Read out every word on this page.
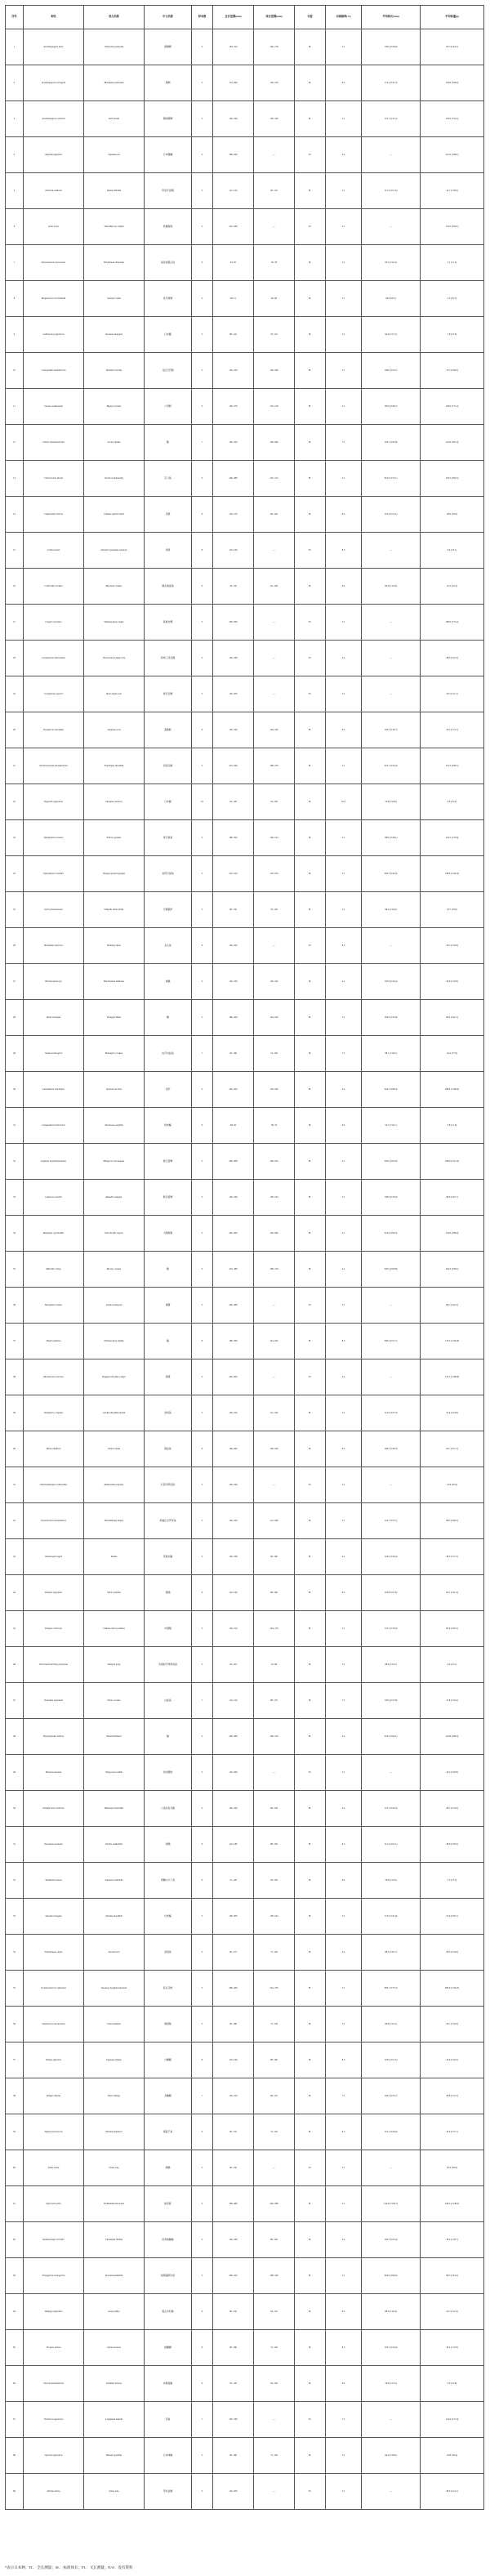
序号	种名	英文名称	中文名称	样本数	全长范围(mm)	体长范围(mm)	丰度	出现频率(%)	平均体长(mm)	平均体重(g)
1	Acanthopagrus latus	Yellowfin seabream	黄鳍鲷	2	183–222	140–178	SL	3.1	159.0 (±26.9)	95.3 (±44.2)
2	Acanthopagrus schlegelii	Blackhead seabream	黑鲷	5	174–266	138–210	SL	6.3	172.4 (±31.5)	139.8 (±68.2)
3	Acanthopagrus australis	Surf bream	澳洲棘鲷	3	160–240	128–190	FL	3.1	155.7 (±31.2)	118.6 (±52.4)
4	Anguilla japonica	Japanese eel	日本鳗鲡	4	380–640	—	TL	4.2	—	212.0 (±88.1)
5	Ariomma indicum	Indian driftfish	印度无齿鲳	3	112–164	90–132	FL	3.1	112.3 (±21.0)	41.7 (±18.6)
6	Arius arius	Threadfin sea catfish	丝鳍海鲶	2	210–286	—	TL	2.1	—	154.5 (±60.1)
7	Atherinomorus lacunosus	Hardyhead silverside	南洋美银汉鱼	6	62–95	50–78	SL	5.2	63.2 (±10.4)	3.1 (±1.2)
8	Bregmaceros mcclellandi	Spotted codlet	麦氏犀鳕	4	48–71	40–60	SL	3.1	49.8 (±8.7)	1.2 (±0.5)
9	Callionymus japonicus	Japanese dragonet	日本䲗	5	88–142	70–116	SL	5.2	92.6 (±17.3)	7.8 (±3.9)
10	Carangoides malabaricus	Malabar trevally	马拉巴若鲹	3	150–230	120–186	FL	3.1	148.0 (±33.1)	72.3 (±38.0)
11	Caranx sexfasciatus	Bigeye trevally	六带鲹	2	190–270	152–218	FL	2.1	185.0 (±46.7)	128.0 (±71.2)
12	Chelon haematocheilus	So-iny mullet	鮻	7	160–320	128–260	SL	7.3	192.7 (±45.8)	142.6 (±81.4)
13	Chirocentrus dorab	Dorab wolf-herring	宝刀鱼	2	260–380	210–312	FL	2.1	261.0 (±72.1)	118.5 (±62.3)
14	Clupanodon thrissa	Chinese gizzard shad	花鰶	6	120–176	96–140	SL	6.3	118.4 (±15.2)	28.9 (±9.6)
15	Coilia mystus	Osbeck's grenadier anchovy	凤鲚	8	110–190	—	TL	8.3	—	9.4 (±4.1)
16	Collichthys lucidus	Big head croaker	棘头梅童鱼	9	78–132	62–108	SL	9.4	84.6 (±12.8)	10.2 (±4.3)
17	Conger myriaster	Whitespotted conger	星康吉鳗	3	320–560	—	TL	3.1	—	186.0 (±74.2)
18	Cynoglossus abbreviatus	Three-lined tongue sole	短吻三线舌鳎	4	160–248	—	TL	4.2	—	48.6 (±21.0)
19	Cynoglossus joyneri	Red tongue sole	焦氏舌鳎	5	120–200	—	TL	5.2	—	26.3 (±11.5)
20	Decapterus maruadsi	Japanese scad	蓝圆鲹	6	130–196	104–160	FL	6.3	128.5 (±19.7)	35.2 (±13.1)
21	Eleutheronema tetradactylum	Fourfinger threadfin	四指马鲅	3	210–340	168–276	FL	3.1	210.7 (±54.0)	152.3 (±86.7)
22	Engraulis japonicus	Japanese anchovy	日本鳀	10	64–128	52–104	SL	10.4	74.8 (±14.6)	4.6 (±2.2)
23	Epinephelus awoara	Yellow grouper	青石斑鱼	2	180–262	146–214	SL	2.1	180.0 (±48.1)	142.5 (±79.9)
24	Epinephelus coioides	Orange-spotted grouper	斜带石斑鱼	3	210–310	170–254	SL	3.1	206.3 (±42.6)	198.6 (±102.4)
25	Gerres filamentosus	Whipfin silver-biddy	长棘银鲈	5	96–150	76–120	FL	5.2	96.4 (±16.9)	18.7 (±8.0)
26	Harpadon nehereus	Bombay-duck	龙头鱼	8	140–262	—	TL	8.3	—	34.5 (±16.8)
27	Hemiramphus far	Blackbarred halfbeak	斑鱵	4	150–236	120–192	SL	4.2	150.8 (±29.4)	26.9 (±10.8)
28	Ilisha elongata	Elongate ilisha	鳓	5	180–284	144–230	FL	5.2	184.6 (±35.0)	86.2 (±41.5)
29	Johnius belangerii	Belenger's croaker	皮氏叫姑鱼	7	92–160	74–130	SL	7.3	98.1 (±18.2)	16.4 (±7.9)
30	Lateolabrax maculatus	Spotted sea bass	花鲈	4	220–420	176–340	FL	4.2	244.5 (±68.3)	268.4 (±168.2)
31	Leiognathus brevirostris	Shortnose ponyfish	短吻鲾	9	48–92	38–74	SL	9.4	52.7 (±10.1)	3.8 (±1.9)
32	Lutjanus argentimaculatus	Mangrove red snapper	紫红笛鲷	2	200–308	160–250	FL	2.1	205.0 (±63.6)	188.0 (±112.4)
33	Lutjanus russellii	Russell's snapper	勒氏笛鲷	3	160–240	128–194	FL	3.1	158.0 (±33.0)	98.6 (±45.7)
34	Megalops cyprinoides	Indo-Pacific tarpon	大眼海鲢	2	240–360	192–290	FL	2.1	241.0 (±69.3)	154.0 (±88.4)
35	Miichthys miiuy	Mi-iuy croaker	鮸	4	210–380	168–310	SL	4.2	226.5 (±60.8)	164.3 (±96.1)
36	Monopterus albus	Asian swamp eel	黄鳝	3	260–480	—	TL	3.1	—	86.7 (±42.5)
37	Mugil cephalus	Flathead grey mullet	鲻	8	180–360	144–292	FL	8.3	206.2 (±51.7)	176.5 (±104.6)
38	Muraenesox cinereus	Daggertooth pike conger	海鳗	4	420–820	—	TL	4.2	—	312.5 (±168.9)
39	Nemipterus virgatus	Golden threadfin bream	金线鱼	5	140–226	112–182	FL	5.2	141.6 (±27.3)	52.4 (±24.8)
40	Nibea albiflora	Yellow drum	黄姑鱼	6	160–282	128–228	SL	6.3	168.3 (±39.5)	92.7 (±51.2)
41	Odontamblyopus rubicundus	Rubicundus eelgoby	红狼牙虾虎鱼	5	140–240	—	TL	5.2	—	14.8 (±6.6)
42	Oreochromis mossambicus	Mozambique tilapia	莫桑比克罗非鱼	3	140–230	112–186	SL	3.1	144.7 (±37.1)	96.3 (±48.2)
43	Osteomugil engeli	Kanda	英格尔鲻	4	120–198	96–160	FL	4.2	124.0 (±26.4)	38.5 (±17.2)
44	Pampus argenteus	Silver pomfret	银鲳	6	110–196	88–160	FL	6.3	118.8 (±27.6)	62.1 (±31.4)
45	Pampus chinensis	Chinese silver pomfret	中国鲳	3	130–210	104–170	FL	3.1	132.3 (±33.0)	84.6 (±40.3)
46	Parachaeturichthys polynema	Taileyed goby	多须拟矛尾虾虎鱼	5	64–118	52–96	SL	5.2	68.4 (±14.7)	4.2 (±2.1)
47	Pennahia argentata	Silver croaker	白姑鱼	7	110–210	88–170	SL	7.3	120.6 (±27.8)	31.8 (±16.4)
48	Platycephalus indicus	Bartail flathead	鲬	4	200–380	160–310	FL	4.2	216.0 (±64.1)	142.8 (±86.3)
49	Plotosus lineatus	Striped eel catfish	线纹鳗鲶	3	150–260	—	TL	3.1	—	42.3 (±20.8)
50	Polydactylus sextarius	Blackspot threadfin	六指多指马鲅	4	120–196	96–158	FL	4.2	121.5 (±24.9)	28.7 (±13.0)
51	Psenopsis anomala	Pacific rudderfish	刺鲳	6	110–186	88–150	FL	6.3	112.4 (±22.1)	38.9 (±18.3)
52	Sardinella zunasi	Japanese sardinella	青鳞小沙丁鱼	9	72–126	58–102	SL	9.4	76.6 (±12.6)	7.2 (±3.3)
53	Saurida elongata	Slender lizardfish	长蛇鲻	5	160–300	128–244	SL	5.2	172.0 (±41.9)	54.6 (±30.1)
54	Scatophagus argus	Spotted scat	金钱鱼	4	90–172	72–140	SL	4.2	98.5 (±26.7)	58.3 (±34.6)
55	Scomberomorus niphonius	Japanese Spanish mackerel	蓝点马鲛	3	280–460	224–376	FL	3.1	284.7 (±72.3)	286.0 (±164.5)
56	Sebastiscus marmoratus	False kelpfish	褐菖鲉	5	90–168	72–136	SL	5.2	96.8 (±22.4)	34.1 (±16.9)
57	Sillago japonica	Japanese sillago	少鳞鱚	8	110–196	88–160	SL	8.3	118.9 (±21.3)	24.6 (±10.2)
58	Sillago sihama	Silver sillago	多鳞鱚	7	120–210	96–170	SL	7.3	128.4 (±23.7)	28.8 (±12.5)
59	Siganus fuscescens	Mottled spinefoot	褐蓝子鱼	6	90–176	72–142	FL	6.3	101.2 (±24.6)	32.9 (±17.1)
60	Solea ovata	Ovate sole	卵鳎	3	90–150	—	TL	3.1	—	18.4 (±8.6)
61	Sphyraena jello	Pickhandle barracuda	斑条魣	2	300–480	240–388	FL	2.1	314.0 (±104.7)	246.5 (±148.2)
62	Stephanolepis cirrhifer	Threadsail filefish	丝背细鳞鲀	4	100–180	80–146	SL	4.2	106.3 (±25.4)	36.2 (±18.7)
63	Strongylura strongylura	Spottail needlefish	斑尾圆颌针鱼	3	260–420	208–340	FL	3.1	264.0 (±66.9)	68.3 (±34.4)
64	Takifugu niphobles	Grass puffer	黑点多纪鲀	6	80–150	64–122	SL	6.3	88.6 (±18.4)	22.7 (±11.6)
65	Terapon jarbua	Jarbua terapon	细鳞鯻	8	90–180	72–146	SL	8.3	102.5 (±22.9)	30.4 (±15.8)
66	Thryssa kammalensis	Kammal thryssa	赤鼻棱鳀	9	70–128	56–104	SL	9.4	76.9 (±13.5)	5.9 (±2.8)
67	Trichiurus japonicus	Largehead hairtail	带鱼	7	320–780	—	TL	7.3	—	124.6 (±71.9)
68	Upeneus japonicus	Bensasi goatfish	日本绯鲤	5	90–160	72–130	SL	5.2	94.2 (±18.6)	16.8 (±8.4)
69	Zebrias zebra	Zebra sole	带纹条鳎	3	110–200	—	TL	3.1	—	28.5 (±14.1)
*表示日本种；TL：全长测量；SL：标准体长；FL：叉长测量；N/A：没有资料
